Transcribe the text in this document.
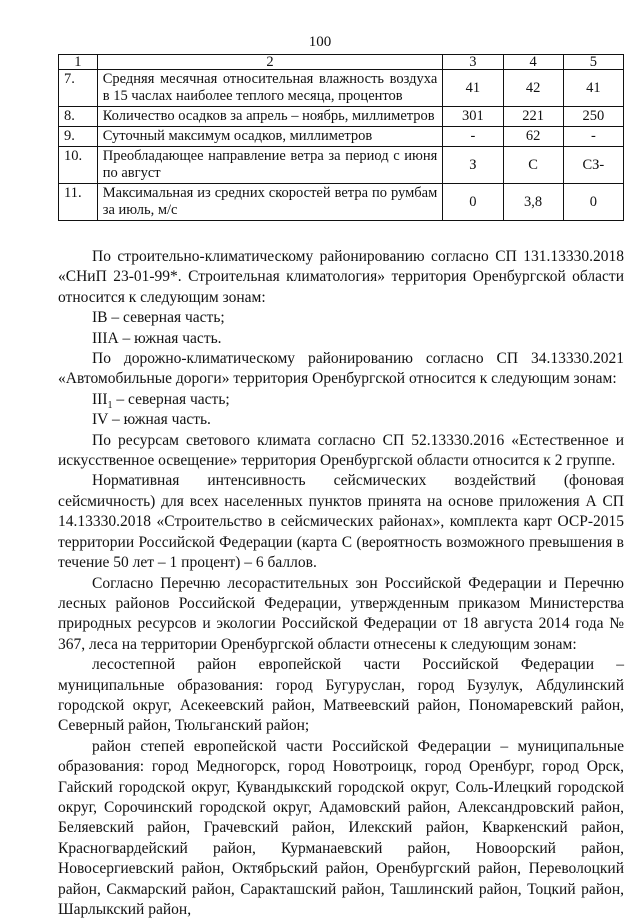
100
1	2	3	4	5
7.	Средняя месячная относительная влажность воздуха в 15 часлах наиболее теплого месяца, процентов	41	42	41
8.	Количество осадков за апрель – ноябрь, миллиметров	301	221	250
9.	Суточный максимум осадков, миллиметров	-	62	-
10.	Преобладающее направление ветра за период с июня по август	З	С	СЗ-
11.	Максимальная из средних скоростей ветра по румбам за июль, м/с	0	3,8	0

По строительно-климатическому районированию согласно СП 131.13330.2018 «СНиП 23-01-99*. Строительная климатология» территория Оренбургской области относится к следующим зонам:

IВ – северная часть;

IIIА – южная часть.

По дорожно-климатическому районированию согласно СП 34.13330.2021 «Автомобильные дороги» территория Оренбургской относится к следующим зонам:

$III_1$ – северная часть;

IV – южная часть.

По ресурсам светового климата согласно СП 52.13330.2016 «Естественное и искусственное освещение» территория Оренбургской области относится к 2 группе.

Нормативная интенсивность сейсмических воздействий (фоновая сейсмичность) для всех населенных пунктов принята на основе приложения А СП 14.13330.2018 «Строительство в сейсмических районах», комплекта карт ОСР-2015 территории Российской Федерации (карта С (вероятность возможного превышения в течение 50 лет – 1 процент) – 6 баллов.

Согласно Перечню лесорастительных зон Российской Федерации и Перечню лесных районов Российской Федерации, утвержденным приказом Министерства природных ресурсов и экологии Российской Федерации от 18 августа 2014 года № 367, леса на территории Оренбургской области отнесены к следующим зонам:

лесостепной район европейской части Российской Федерации – муниципальные образования: город Бугуруслан, город Бузулук, Абдулинский городской округ, Асекеевский район, Матвеевский район, Пономаревский район, Северный район, Тюльганский район;

район степей европейской части Российской Федерации – муниципальные образования: город Медногорск, город Новотроицк, город Оренбург, город Орск, Гайский городской округ, Кувандыкский городской округ, Соль-Илецкий городской округ, Сорочинский городской округ, Адамовский район, Александровский район, Беляевский район, Грачевский район, Илекский район, Кваркенский район, Красногвардейский район, Курманаевский район, Новоорский район, Новосергиевский район, Октябрьский район, Оренбургский район, Переволоцкий район, Сакмарский район, Саракташский район, Ташлинский район, Тоцкий район, Шарлыкский район,
